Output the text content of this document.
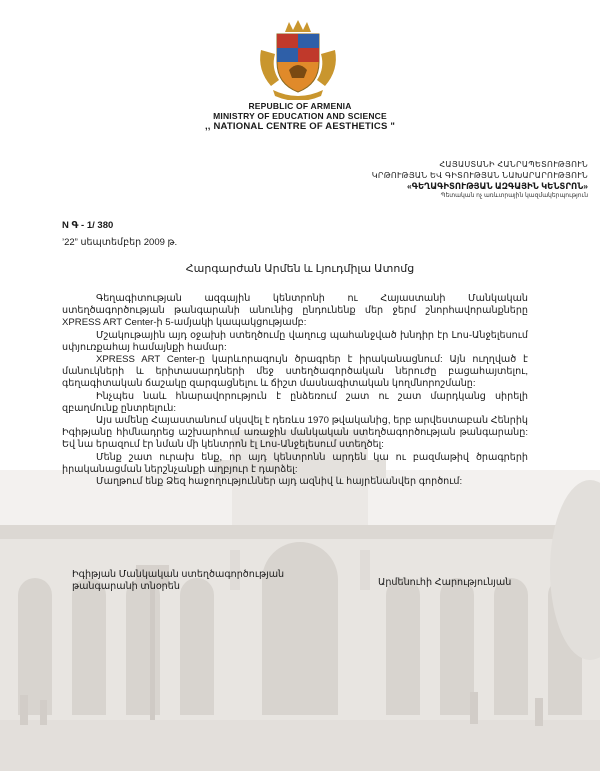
REPUBLIC OF ARMENIA
MINISTRY OF EDUCATION AND SCIENCE
,, NATIONAL CENTRE OF AESTHETICS "
ՀԱՅԱՍՏԱՆԻ ՀԱՆՐԱՊԵՏՈՒԹՅՈՒՆ
ԿՐԹՈՒԹՅԱՆ ԵՎ ԳԻՏՈՒԹՅԱՆ ՆԱԽԱՐԱՐՈՒԹՅՈՒՆ
«ԳԵՂԱԳԻՏՈՒԹՅԱՆ ԱԶԳԱՅԻՆ ԿԵՆՏՐՈՆ»
Պետական ոչ առևտրային կազմակերպություն
N Գ - 1/ 380
’22” սեպտեմբեր 2009 թ.
Հարգարժան Արմեն և Լյուդմիլա Ատոմց

Գեղագիտության ազգային կենտրոնի ու Հայաստանի Մանկական ստեղծագործության թանգարանի անունից ընդունենք մեր ջերմ շնորհավորանքները XPRESS ART Center-ի 5-ամյակի կապակցությամբ:

Մշակութային այդ օջախի ստեղծումը վաղուց պահանջված խնդիր էր Լոս-Անջելեսում սփյուռքահայ համայնքի համար:

XPRESS ART Center-ը կարևորագույն ծրագրեր է իրականացնում: Այն ուղղված է մանուկների և երիտասարդների մեջ ստեղծագործական ներուժը բացահայտելու, գեղագիտական ճաշակը զարգացնելու և ճիշտ մասնագիտական կողմնորոշմանը:

Ինչպես նաև հնարավորություն է ընձեռում շատ ու շատ մարդկանց սիրելի զբաղմունք ընտրելուն:

Այս ամենը Հայաստանում սկսվել է դեռևս 1970 թվականից, երբ արվեստաբան Հենրիկ Իգիթյանը հիմնադրեց աշխարհում առաջին մանկական ստեղծագործության թանգարանը: Եվ նա երազում էր նման մի կենտրոն էլ Լոս-Անջելեսում ստեղծել:

Մենք շատ ուրախ ենք, որ այդ կենտրոնն արդեն կա ու բազմաթիվ ծրագրերի իրականացման ներշնչանքի աղբյուր է դարձել:

Մաղթում ենք Ձեզ հաջողություններ այդ ազնիվ և հայրենանվեր գործում:

Իգիթյան Մանկական ստեղծագործության
թանգարանի տնօրեն	Արմենուհի Հարությունյան
